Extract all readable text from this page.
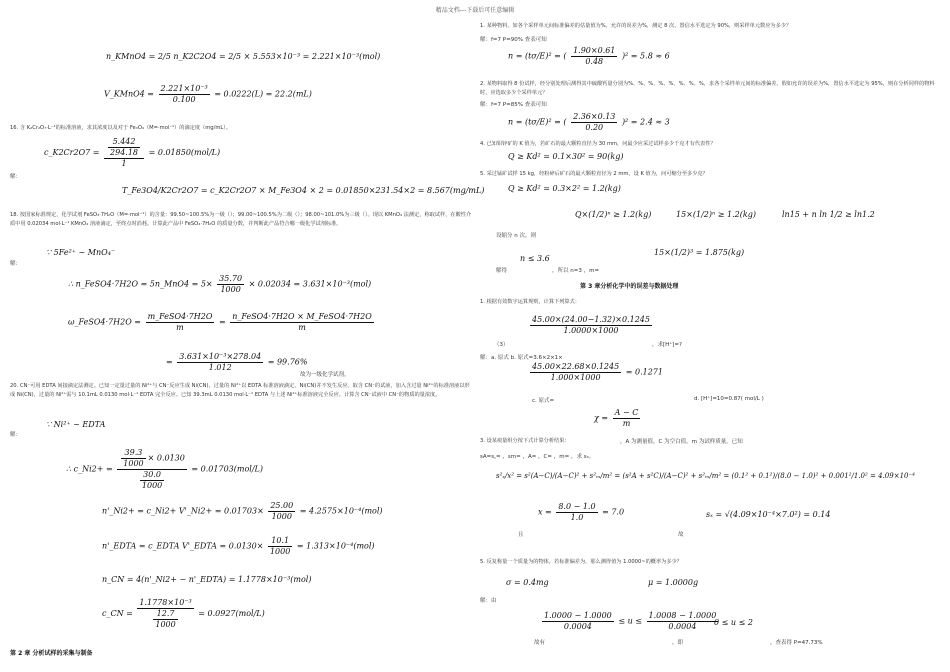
精品文档---下载后可任意编辑
n_KMnO4 = 2/5 n_K2C2O4 = 2/5 × 5.553×10⁻³ = 2.221×10⁻³(mol)
V_KMnO4 = $\frac{\text{2.221×10⁻³}}{0.100} = 0.0222(L) = 22.2(mL)$
16. 含 K₂Cr₂O₇·L⁻¹的标准溶液，求其浓度以及对于 Fe₃O₄（M=·mol⁻¹）的滴定度（mg/mL）。
c_K2Cr2O7 = $\frac{\frac{5.442}{294.18}}{1} = 0.01850(mol/L)$
解：
T_Fe3O4/K2Cr2O7 = c_K2Cr2O7 × M_Fe3O4 × 2 = 0.01850×231.54×2 = 8.567(mg/mL)
18. 按国家标准规定，化学试剂 FeSO₄·7H₂O（M=·mol⁻¹）的含量：99.50~100.5%为一级（）；99.00~100.5%为二级（）；98.00~101.0%为三级（）。现以 KMnO₄ 法测定，称取试样，在酸性介质中用 0.02034 mol·L⁻¹ KMnO₄ 溶液滴定，至终点时消耗。计算此产品中 FeSO₄·7H₂O 的质量分数，并判断此产品符合哪一级化学试剂标准。
解：
∵ 5Fe²⁺ ~ MnO₄⁻
∴ n_FeSO4·7H2O = 5n_MnO4 = $5\times \frac{35.70}{1000} \times 0.02034 = 3.631\times 10^{-3}(mol)$
ω_FeSO4·7H2O = $\frac{\text{m\_FeSO4·7H2O}}{m} = \frac{\text{n\_FeSO4·7H2O × M\_FeSO4·7H2O}}{m}$
= $\frac{\text{3.631×10⁻³×278.04}}{1.012} = 99.76\%$
故为一级化学试剂。
20. CN⁻可用 EDTA 间接滴定法测定。已知一定量过量的 Ni²⁺与 CN⁻反应生成 Ni(CN)，过量的 Ni²⁺以 EDTA 标准溶液滴定，Ni(CN)并不发生反应。取含 CN⁻的试液，加入含过量 Ni²⁺的标准溶液以形成 Ni(CN)，过量的 Ni²⁺需与 10.1mL 0.0130 mol·L⁻¹ EDTA 完全反应。已知 39.3mL 0.0130 mol·L⁻¹ EDTA 与上述 Ni²⁺标准溶液完全反应。计算含 CN⁻试液中 CN⁻的物质的量浓度。
解：
∵ Ni²⁺ ~ EDTA
∴ c_Ni2+ = $\frac{\frac{39.3}{1000} \times 0.0130}{\frac{30.0}{1000}} = 0.01703(mol/L)$
n'_Ni2+ = c_Ni2+ V'_Ni2+ = $0.01703\times \frac{25.00}{1000} = 4.2575\times 10^{-4}(mol)$
n'_EDTA = c_EDTA V'_EDTA = $0.0130\times \frac{10.1}{1000} = 1.313\times 10^{-4}(mol)$
n_CN = 4(n'_Ni2+ − n'_EDTA) = 1.1778×10⁻³(mol)
c_CN = $\frac{\text{1.1778×10⁻³}}{\frac{12.7}{1000}} = 0.0927(mol/L)$
第 2 章 分析试样的采集与制备
1. 某种物料，如各个采样单元间标准偏差的估量值为%，允许的误差为%，测定 8 次，置信水平选定为 90%，则采样单元数应为多少？
解：f=7 P=90% 查表可知
n = (tσ/E)² = ( $\frac{1.90\times 0.61}{0.48} )^2 = 5.8 \approx 6$
2. 某物料取得 8 份试样，经分别处理后测得其中硫酸钙量分别为%、%、%、%、%、%、%、%，求各个采样单元间的标准偏差。假如允许的误差为%，置信水平选定为 95%，则在分析同样的物料时，应选取多少个采样单元？
解：f=7 P=85% 查表可知
n = (tσ/E)² = ( $\frac{2.36\times 0.13}{0.20} )^2 = 2.4 \approx 3$
4. 已知铅锌矿的 K 值为，若矿石的最大颗粒直径为 30 mm，问最少应采过试样多少千克才有代表性？
Q ≥ Kd² = 0.1×30² = 90(kg)
5. 采过锰矿试样 15 kg，经粉碎后矿石的最大颗粒直径为 2 mm，设 K 值为，问可缩分至多少克？
Q ≥ Kd² = 0.3×2² = 1.2(kg)
Q×(1/2)ⁿ ≥ 1.2(kg)	15×(1/2)ⁿ ≥ 1.2(kg)	ln15 + n ln 1/2 ≥ ln1.2
设缩分 n 次，则
n ≤ 3.6
15×(1/2)³ = 1.875(kg)
解得	，所以 n=3 ，m=
第 3 章分析化学中的误差与数据处理
1. 根据有效数字运算规则，计算下列算式：
$\frac{45.00\times(24.00-1.32)\times 0.1245}{1.0000\times 1000}$
（3）	，求[H⁺]=?
解：a. 原式 b. 原式=3.6×2×1×
$\frac{45.00\times 22.68\times 0.1245}{1.000\times 1000} = 0.1271$
c. 原式=	d. [H⁺]=10=0.87( mol/L )
$\chi = \frac{A - C}{m}$
3. 设某痕量组分按下式计算分析结果：	，A 为测量值，C 为空白值，m 为试样质量。已知
sA=s꜀= ，sm= ，A= ，C= ，m= ，求 sₓ。
s²ₓ/x² = s²(A−C)/(A−C)² + s²ₘ/m² = (s²A + s²C)/(A−C)² + s²ₘ/m² = (0.1² + 0.1²)/(8.0 − 1.0)² + 0.001²/1.0² = 4.09×10⁻⁴
$x = \frac{8.0 - 1.0}{1.0} = 7.0$	sₓ = √(4.09×10⁻⁴×7.0²) = 0.14
且	故
5. 反复称量一个质量为的物体，若标准偏差为，那么测得值为 1.0000~的概率为多少？
σ = 0.4mg	μ = 1.0000g
解：由
$\frac{1.0000 - 1.0000}{0.0004} \le u \le \frac{1.0008 - 1.0000}{0.0004}$
0 ≤ u ≤ 2
故有	，即	，查表得 P=47.73%
